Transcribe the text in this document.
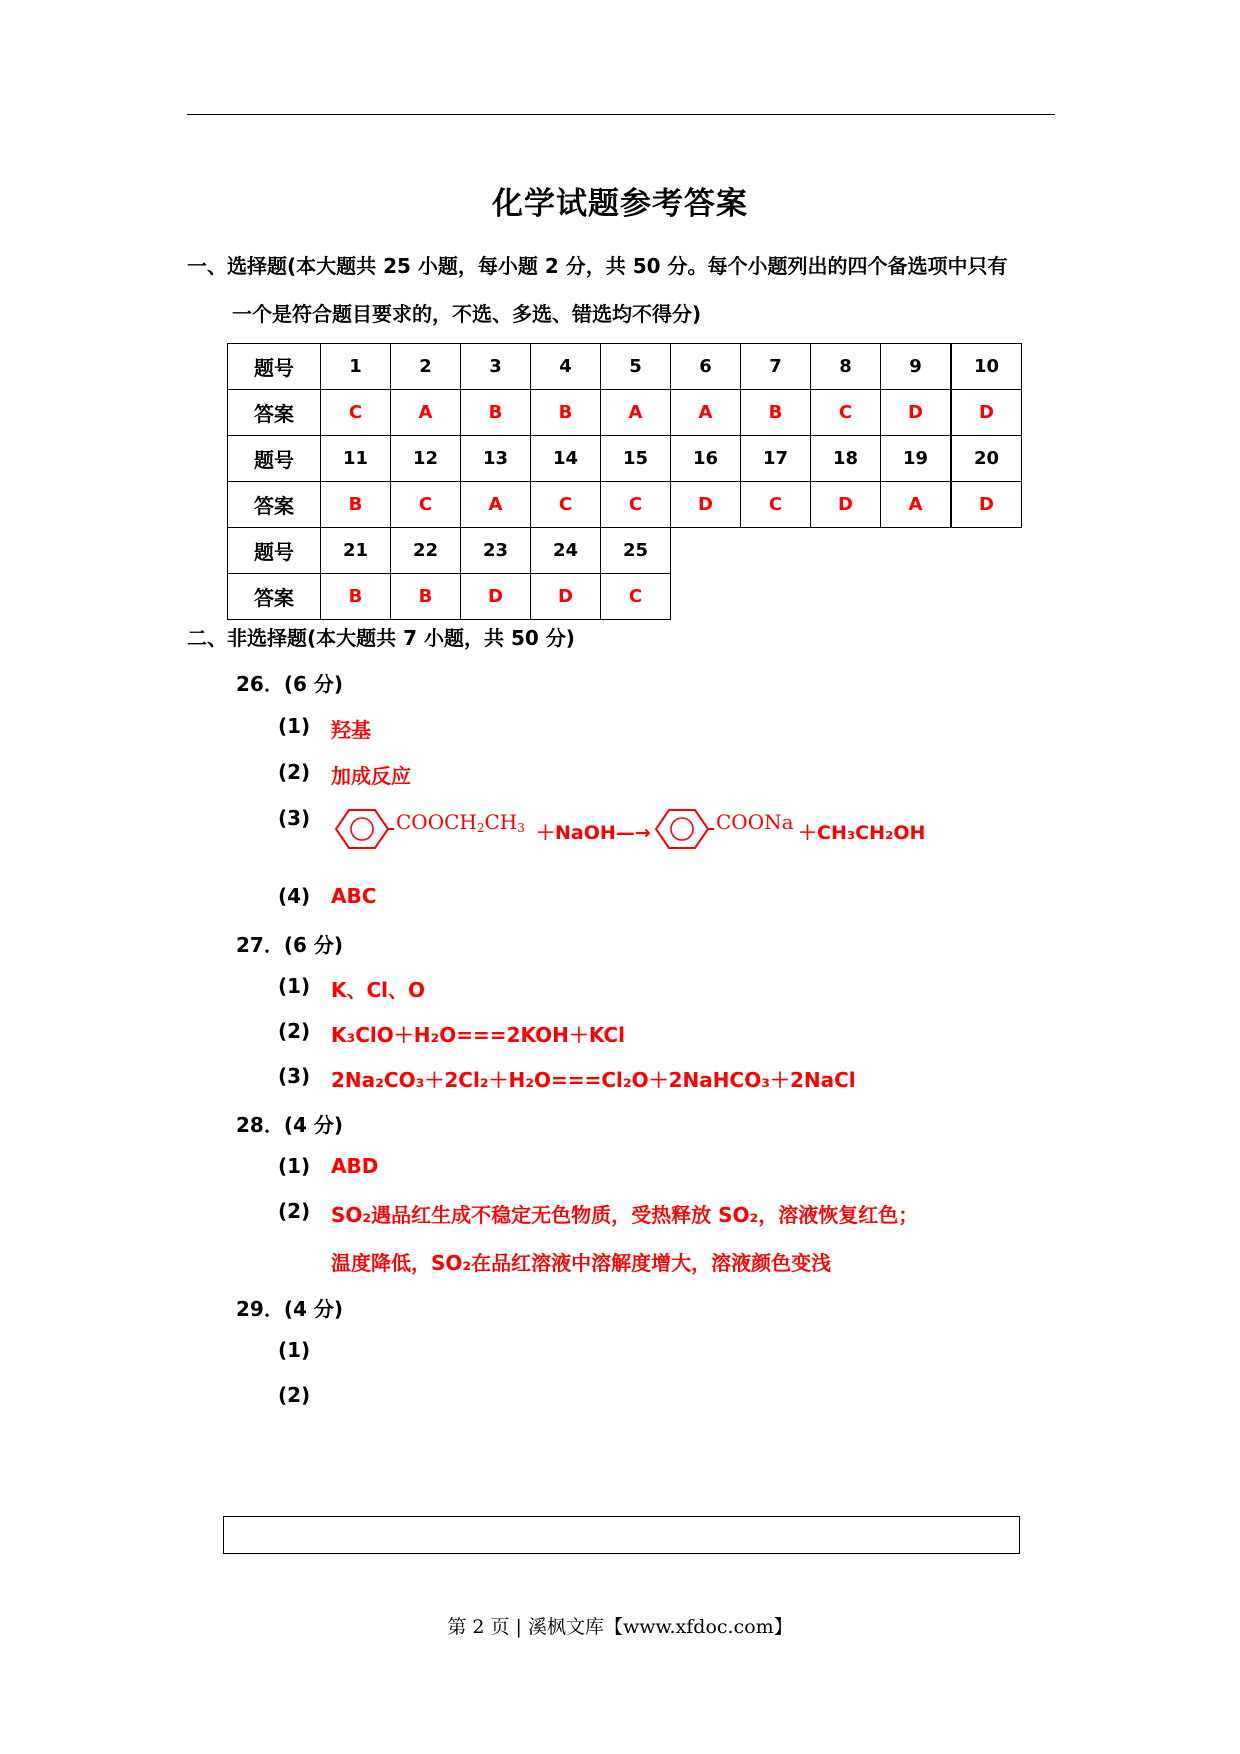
化学试题参考答案
一、选择题(本大题共 25 小题，每小题 2 分，共 50 分。每个小题列出的四个备选项中只有
一个是符合题目要求的，不选、多选、错选均不得分)
题号	1	2	3	4	5	6	7	8	9	10
答案	C	A	B	B	A	A	B	C	D	D
题号	11	12	13	14	15	16	17	18	19	20
答案	B	C	A	C	C	D	C	D	A	D
题号	21	22	23	24	25					
答案	B	B	D	D	C					
二、非选择题(本大题共 7 小题，共 50 分)
26．(6 分)
(1) 羟基
(2) 加成反应
(3)	$COOCH_2CH_3$ ＋NaOH—→	COONa ＋CH₃CH₂OH
(4) ABC
27．(6 分)
(1) K、Cl、O
(2) K₃ClO＋H₂O===2KOH＋KCl
(3) 2Na₂CO₃＋2Cl₂＋H₂O===Cl₂O＋2NaHCO₃＋2NaCl
28．(4 分)
(1) ABD
(2) SO₂遇品红生成不稳定无色物质，受热释放 SO₂，溶液恢复红色；
温度降低，SO₂在品红溶液中溶解度增大，溶液颜色变浅
29．(4 分)
(1)
(2)
第 2 页 | 溪枫文库【www.xfdoc.com】
